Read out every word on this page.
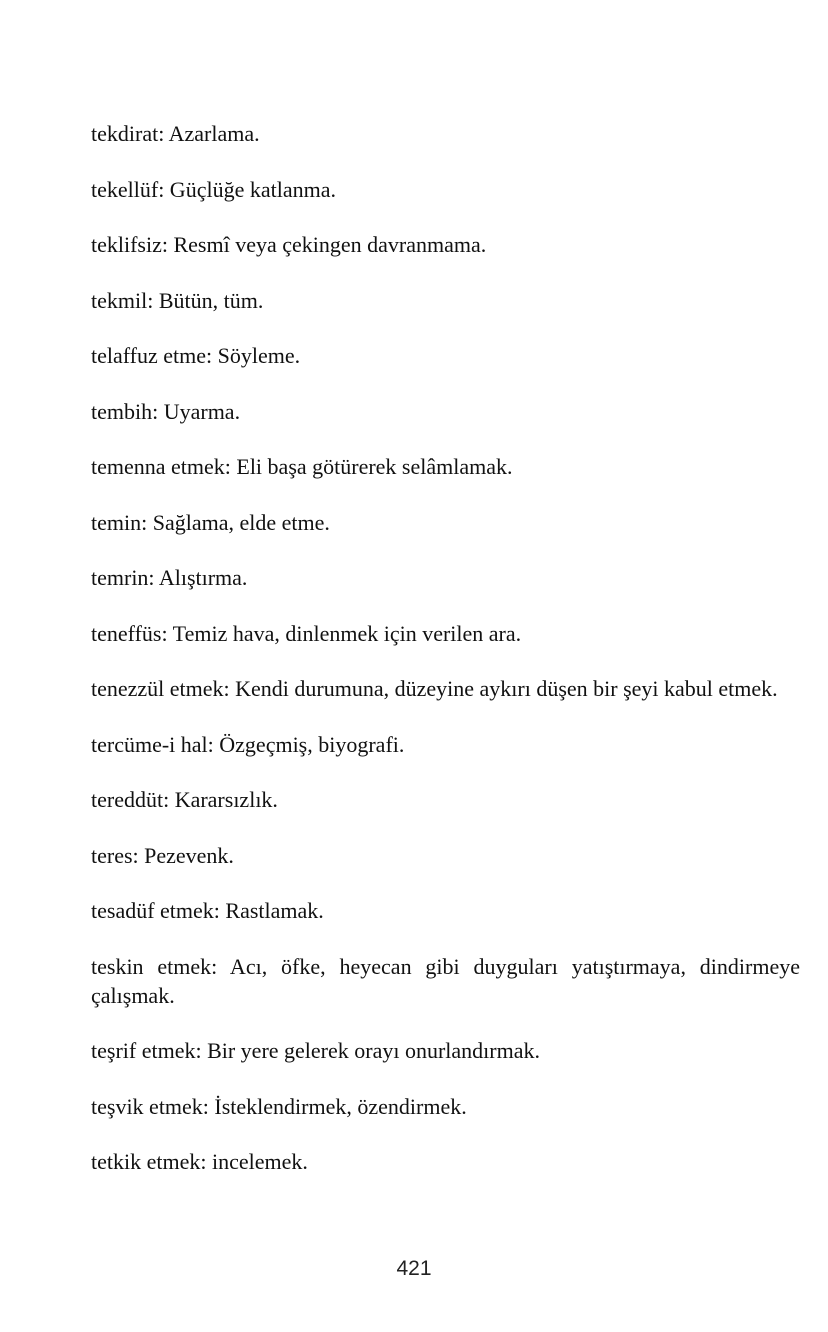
tekdirat: Azarlama.

tekellüf: Güçlüğe katlanma.

teklifsiz: Resmî veya çekingen davranmama.

tekmil: Bütün, tüm.

telaffuz etme: Söyleme.

tembih: Uyarma.

temenna etmek: Eli başa götürerek selâmlamak.

temin: Sağlama, elde etme.

temrin: Alıştırma.

teneffüs: Temiz hava, dinlenmek için verilen ara.

tenezzül etmek: Kendi durumuna, düzeyine aykırı düşen bir şeyi kabul etmek.

tercüme-i hal: Özgeçmiş, biyografi.

tereddüt: Kararsızlık.

teres: Pezevenk.

tesadüf etmek: Rastlamak.

teskin etmek: Acı, öfke, heyecan gibi duyguları yatıştırmaya, dindirmeye çalışmak.

teşrif etmek: Bir yere gelerek orayı onurlandırmak.

teşvik etmek: İsteklendirmek, özendirmek.

tetkik etmek: incelemek.

421
